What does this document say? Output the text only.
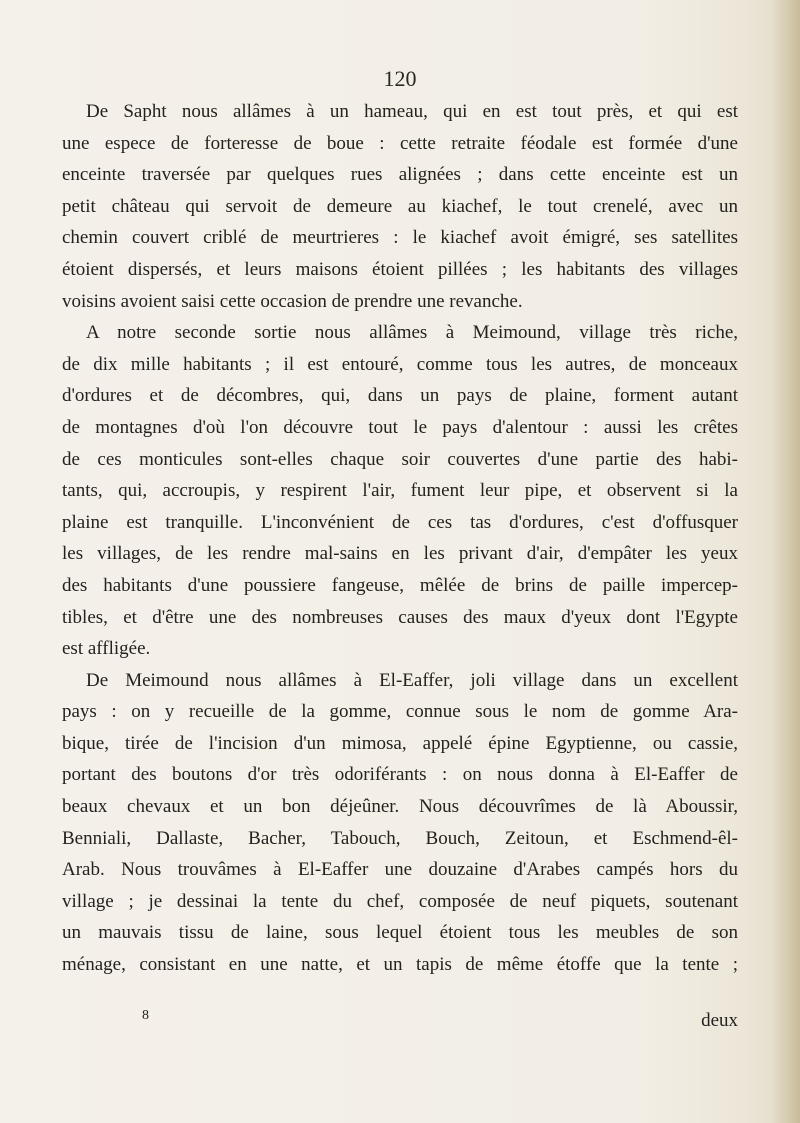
120
De Sapht nous allâmes à un hameau, qui en est tout près, et qui est
une espece de forteresse de boue : cette retraite féodale est formée d'une
enceinte traversée par quelques rues alignées ; dans cette enceinte est un
petit château qui servoit de demeure au kiachef, le tout crenelé, avec un
chemin couvert criblé de meurtrieres : le kiachef avoit émigré, ses satellites
étoient dispersés, et leurs maisons étoient pillées ; les habitants des villages
voisins avoient saisi cette occasion de prendre une revanche.
A notre seconde sortie nous allâmes à Meimound, village très riche,
de dix mille habitants ; il est entouré, comme tous les autres, de monceaux
d'ordures et de décombres, qui, dans un pays de plaine, forment autant
de montagnes d'où l'on découvre tout le pays d'alentour : aussi les crêtes
de ces monticules sont-elles chaque soir couvertes d'une partie des habi-
tants, qui, accroupis, y respirent l'air, fument leur pipe, et observent si la
plaine est tranquille. L'inconvénient de ces tas d'ordures, c'est d'offusquer
les villages, de les rendre mal-sains en les privant d'air, d'empâter les yeux
des habitants d'une poussiere fangeuse, mêlée de brins de paille impercep-
tibles, et d'être une des nombreuses causes des maux d'yeux dont l'Egypte
est affligée.
De Meimound nous allâmes à El-Eaffer, joli village dans un excellent
pays : on y recueille de la gomme, connue sous le nom de gomme Ara-
bique, tirée de l'incision d'un mimosa, appelé épine Egyptienne, ou cassie,
portant des boutons d'or très odoriférants : on nous donna à El-Eaffer de
beaux chevaux et un bon déjeûner. Nous découvrîmes de là Aboussir,
Benniali, Dallaste, Bacher, Tabouch, Bouch, Zeitoun, et Eschmend-êl-
Arab. Nous trouvâmes à El-Eaffer une douzaine d'Arabes campés hors du
village ; je dessinai la tente du chef, composée de neuf piquets, soutenant
un mauvais tissu de laine, sous lequel étoient tous les meubles de son
ménage, consistant en une natte, et un tapis de même étoffe que la tente ;
8	deux
